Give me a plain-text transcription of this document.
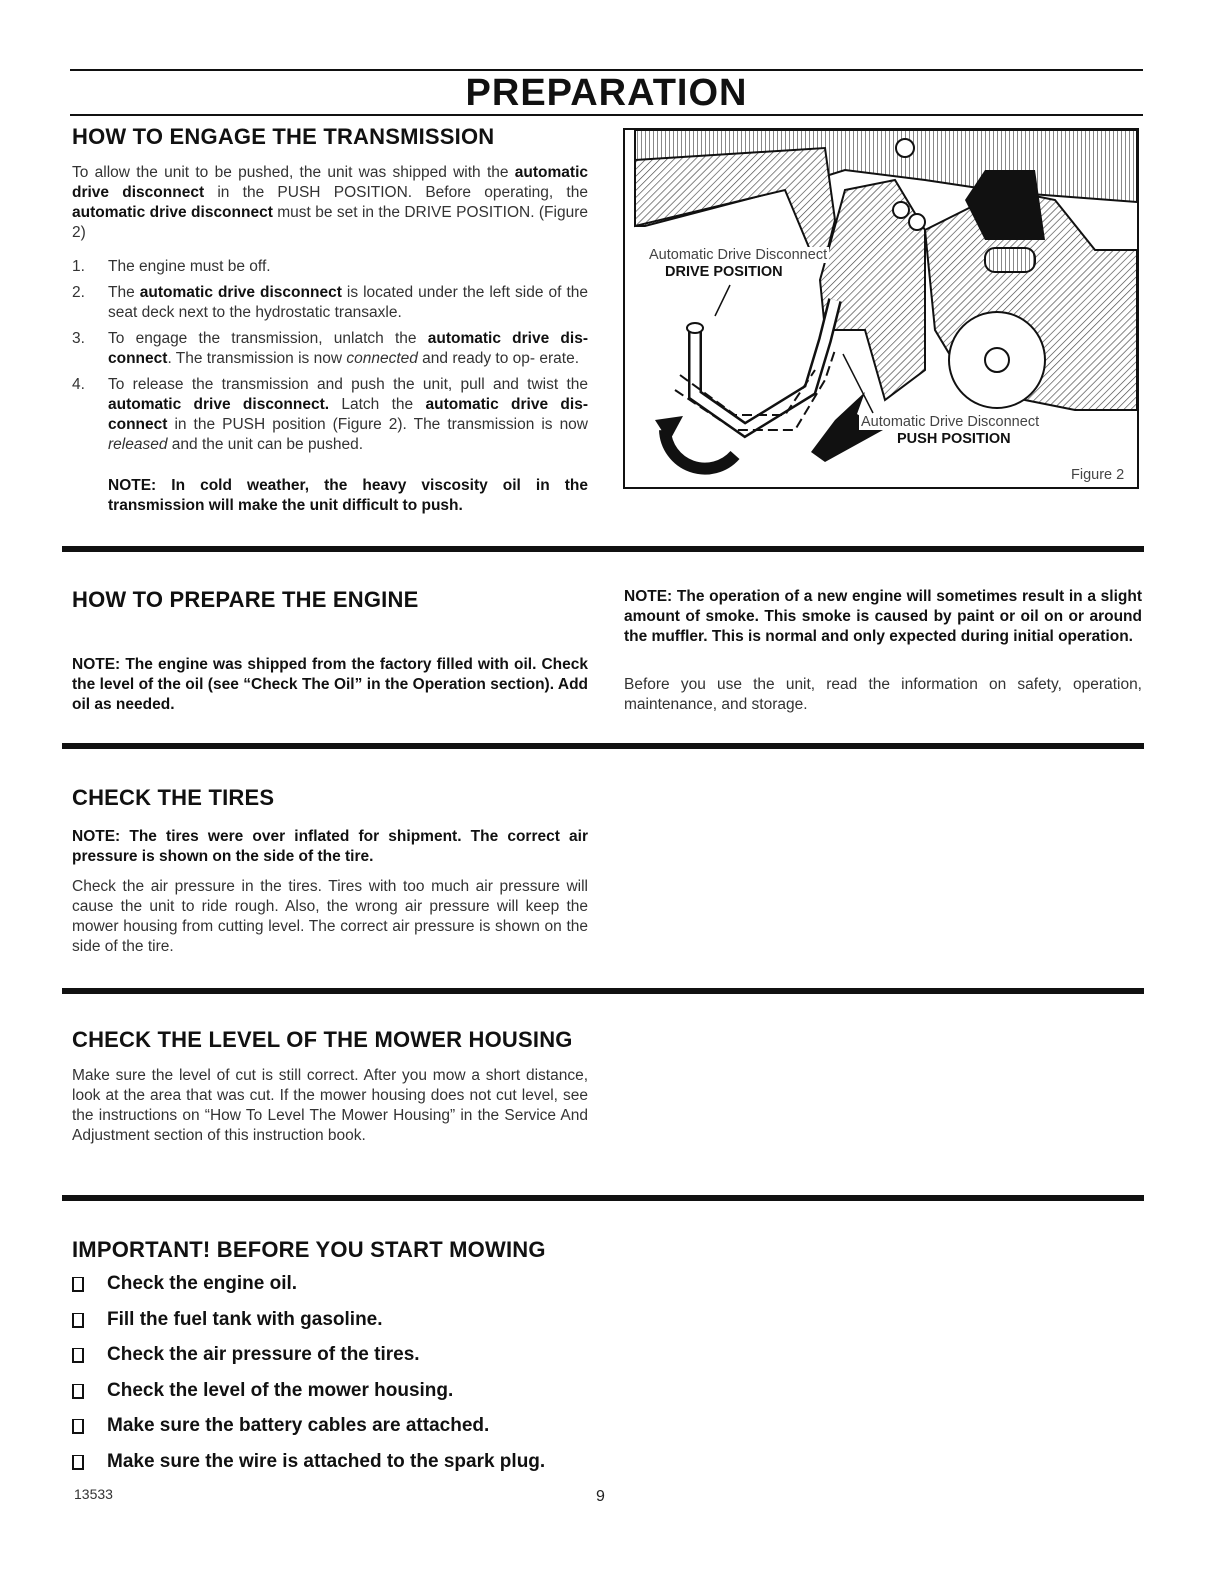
PREPARATION
HOW TO ENGAGE THE TRANSMISSION

To allow the unit to be pushed, the unit was shipped with the automatic drive disconnect in the PUSH POSITION. Before operating, the automatic drive disconnect must be set in the DRIVE POSITION. (Figure 2)

1. The engine must be off.
2. The automatic drive disconnect is located under the left side of the seat deck next to the hydrostatic transaxle.
3. To engage the transmission, unlatch the automatic drive dis- connect. The transmission is now connected and ready to op- erate.
4. To release the transmission and push the unit, pull and twist the automatic drive disconnect. Latch the automatic drive dis- connect in the PUSH position (Figure 2). The transmission is now released and the unit can be pushed.

NOTE: In cold weather, the heavy viscosity oil in the transmission will make the unit difficult to push.

Automatic Drive Disconnect

DRIVE POSITION

Automatic Drive Disconnect

PUSH POSITION

Figure 2

HOW TO PREPARE THE ENGINE

NOTE: The engine was shipped from the factory filled with oil. Check the level of the oil (see “Check The Oil” in the Operation section). Add oil as needed.

NOTE: The operation of a new engine will sometimes result in a slight amount of smoke. This smoke is caused by paint or oil on or around the muffler. This is normal and only expected during initial operation.

Before you use the unit, read the information on safety, operation, maintenance, and storage.

CHECK THE TIRES

NOTE: The tires were over inflated for shipment. The correct air pressure is shown on the side of the tire.

Check the air pressure in the tires. Tires with too much air pressure will cause the unit to ride rough. Also, the wrong air pressure will keep the mower housing from cutting level. The correct air pressure is shown on the side of the tire.

CHECK THE LEVEL OF THE MOWER HOUSING

Make sure the level of cut is still correct. After you mow a short distance, look at the area that was cut. If the mower housing does not cut level, see the instructions on “How To Level The Mower Housing” in the Service And Adjustment section of this instruction book.

IMPORTANT! BEFORE YOU START MOWING
Check the engine oil.
Fill the fuel tank with gasoline.
Check the air pressure of the tires.
Check the level of the mower housing.
Make sure the battery cables are attached.
Make sure the wire is attached to the spark plug.

13533	9
